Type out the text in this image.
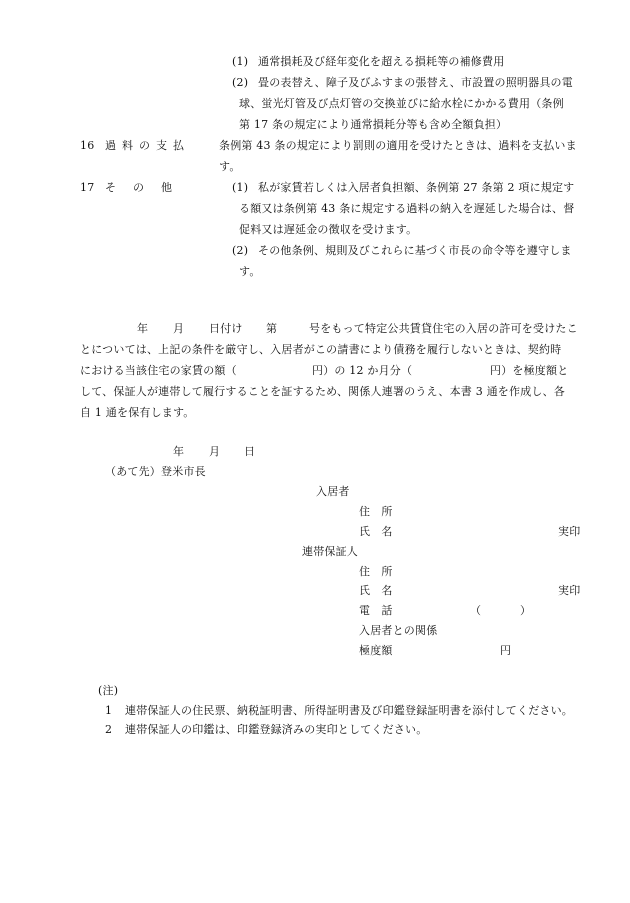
(1) 通常損耗及び経年変化を超える損耗等の補修費用
(2) 畳の表替え、障子及びふすまの張替え、市設置の照明器具の電
球、蛍光灯管及び点灯管の交換並びに給水栓にかかる費用（条例
第 17 条の規定により通常損耗分等も含め全額負担）
16 過料の支払	条例第 43 条の規定により罰則の適用を受けたときは、過料を支払いま
す。
17 その他	(1) 私が家賃若しくは入居者負担額、条例第 27 条第 2 項に規定す
る額又は条例第 43 条に規定する過料の納入を遅延した場合は、督
促料又は遅延金の徴収を受けます。
(2) その他条例、規則及びこれらに基づく市長の命令等を遵守しま
す。
年 月 日付け 第	号をもって特定公共賃貸住宅の入居の許可を受けたこ
とについては、上記の条件を厳守し、入居者がこの請書により債務を履行しないときは、契約時
における当該住宅の家賃の額（	円）の 12 か月分（	円）を極度額と
して、保証人が連帯して履行することを証するため、関係人連署のうえ、本書 3 通を作成し、各
自 1 通を保有します。
年 月 日
（あて先）登米市長
入居者
住　所
氏　名	実印
連帯保証人
住　所
氏　名	実印
電　話	（	）
入居者との関係
極度額	円
(注)
1 連帯保証人の住民票、納税証明書、所得証明書及び印鑑登録証明書を添付してください。
2 連帯保証人の印鑑は、印鑑登録済みの実印としてください。
